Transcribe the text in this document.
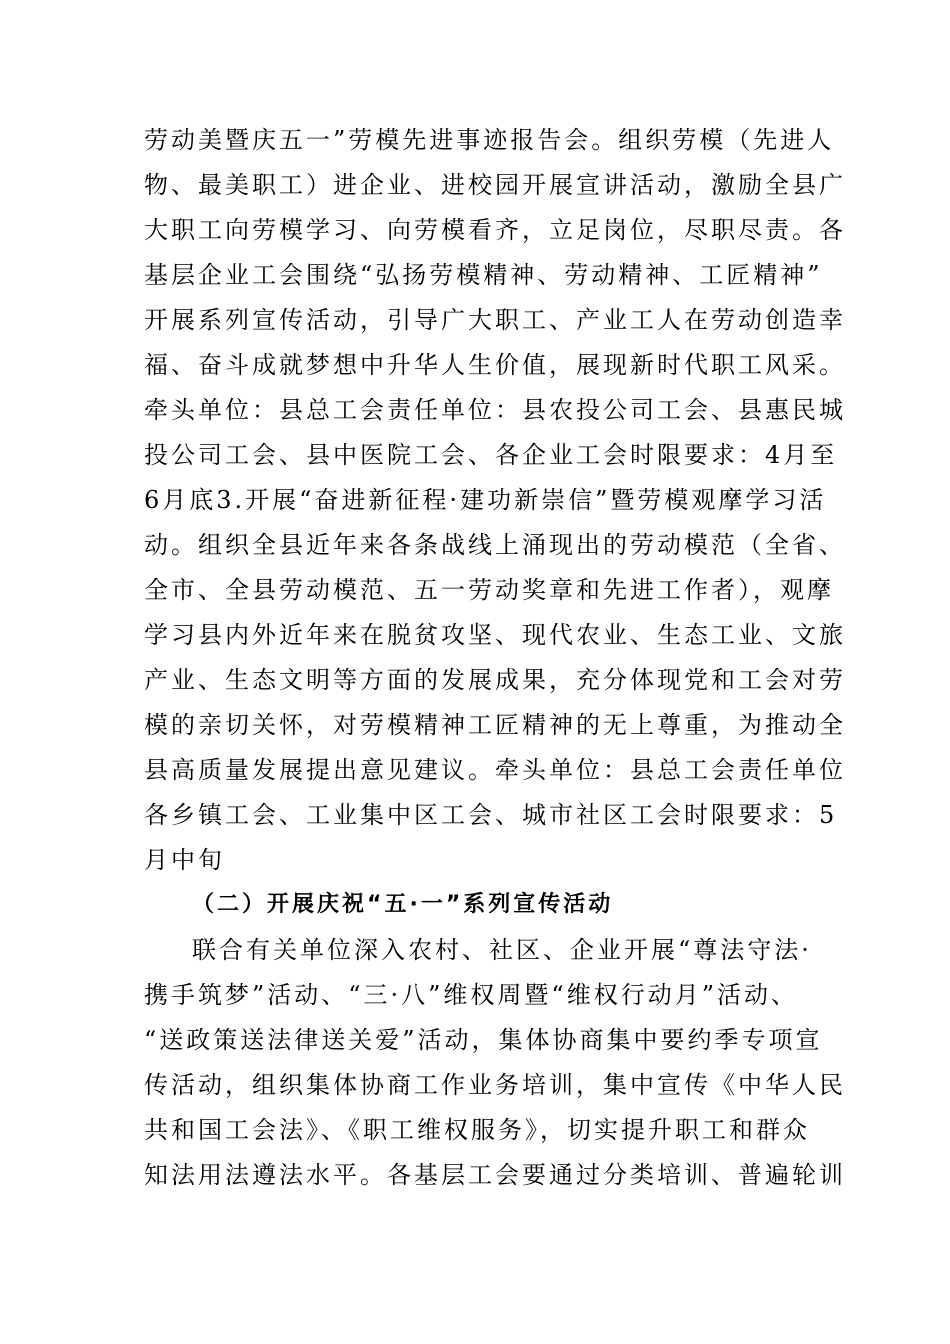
劳动美暨庆五一”劳模先进事迹报告会。组织劳模（先进人
物、最美职工）进企业、进校园开展宣讲活动，激励全县广
大职工向劳模学习、向劳模看齐，立足岗位，尽职尽责。各
基层企业工会围绕“弘扬劳模精神、劳动精神、工匠精神”
开展系列宣传活动，引导广大职工、产业工人在劳动创造幸
福、奋斗成就梦想中升华人生价值，展现新时代职工风采。
牵头单位：县总工会责任单位：县农投公司工会、县惠民城
投公司工会、县中医院工会、各企业工会时限要求：4月至
6月底3.开展“奋进新征程·建功新崇信”暨劳模观摩学习活
动。组织全县近年来各条战线上涌现出的劳动模范（全省、
全市、全县劳动模范、五一劳动奖章和先进工作者），观摩
学习县内外近年来在脱贫攻坚、现代农业、生态工业、文旅
产业、生态文明等方面的发展成果，充分体现党和工会对劳
模的亲切关怀，对劳模精神工匠精神的无上尊重，为推动全
县高质量发展提出意见建议。牵头单位：县总工会责任单位
各乡镇工会、工业集中区工会、城市社区工会时限要求：5
月中旬
（二）开展庆祝“五·一”系列宣传活动
联合有关单位深入农村、社区、企业开展“尊法守法·
携手筑梦”活动、“三·八”维权周暨“维权行动月”活动、
“送政策送法律送关爱”活动，集体协商集中要约季专项宣
传活动，组织集体协商工作业务培训，集中宣传《中华人民
共和国工会法》、《职工维权服务》，切实提升职工和群众
知法用法遵法水平。各基层工会要通过分类培训、普遍轮训
